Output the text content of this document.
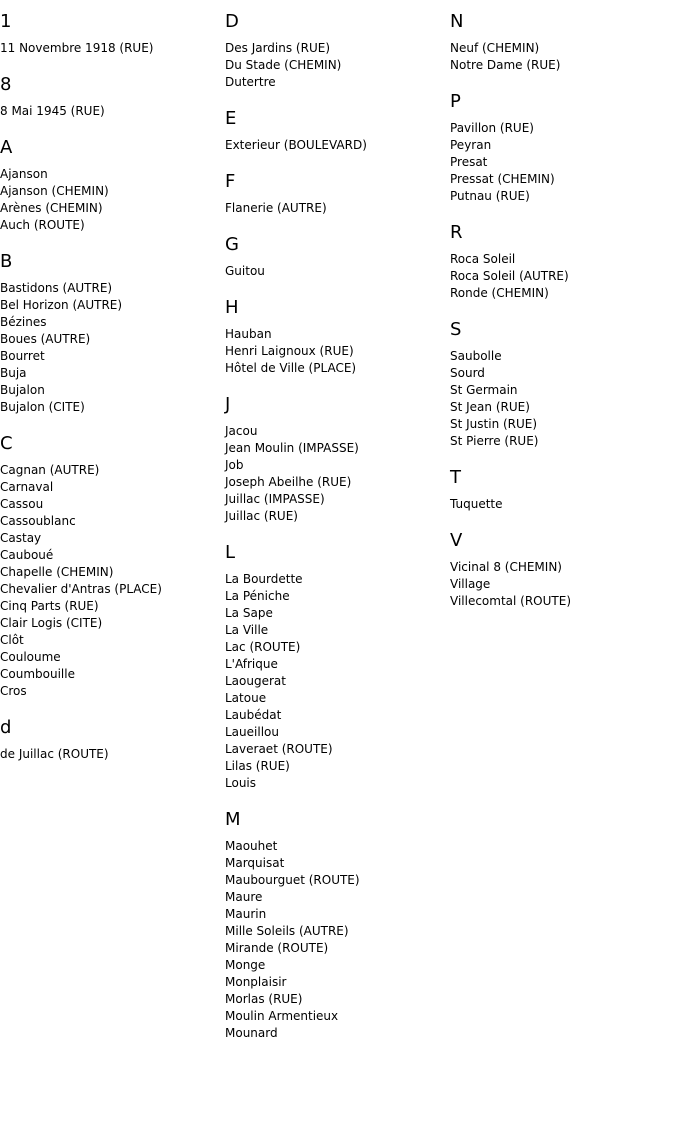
1
11 Novembre 1918 (RUE)
8
8 Mai 1945 (RUE)
A
Ajanson
Ajanson (CHEMIN)
Arènes (CHEMIN)
Auch (ROUTE)
B
Bastidons (AUTRE)
Bel Horizon (AUTRE)
Bézines
Boues (AUTRE)
Bourret
Buja
Bujalon
Bujalon (CITE)
C
Cagnan (AUTRE)
Carnaval
Cassou
Cassoublanc
Castay
Cauboué
Chapelle (CHEMIN)
Chevalier d'Antras (PLACE)
Cinq Parts (RUE)
Clair Logis (CITE)
Clôt
Couloume
Coumbouille
Cros
d
de Juillac (ROUTE)
D
Des Jardins (RUE)
Du Stade (CHEMIN)
Dutertre
E
Exterieur (BOULEVARD)
F
Flanerie (AUTRE)
G
Guitou
H
Hauban
Henri Laignoux (RUE)
Hôtel de Ville (PLACE)
J
Jacou
Jean Moulin (IMPASSE)
Job
Joseph Abeilhe (RUE)
Juillac (IMPASSE)
Juillac (RUE)
L
La Bourdette
La Péniche
La Sape
La Ville
Lac (ROUTE)
L'Afrique
Laougerat
Latoue
Laubédat
Laueillou
Laveraet (ROUTE)
Lilas (RUE)
Louis
M
Maouhet
Marquisat
Maubourguet (ROUTE)
Maure
Maurin
Mille Soleils (AUTRE)
Mirande (ROUTE)
Monge
Monplaisir
Morlas (RUE)
Moulin Armentieux
Mounard
N
Neuf (CHEMIN)
Notre Dame (RUE)
P
Pavillon (RUE)
Peyran
Presat
Pressat (CHEMIN)
Putnau (RUE)
R
Roca Soleil
Roca Soleil (AUTRE)
Ronde (CHEMIN)
S
Saubolle
Sourd
St Germain
St Jean (RUE)
St Justin (RUE)
St Pierre (RUE)
T
Tuquette
V
Vicinal 8 (CHEMIN)
Village
Villecomtal (ROUTE)
